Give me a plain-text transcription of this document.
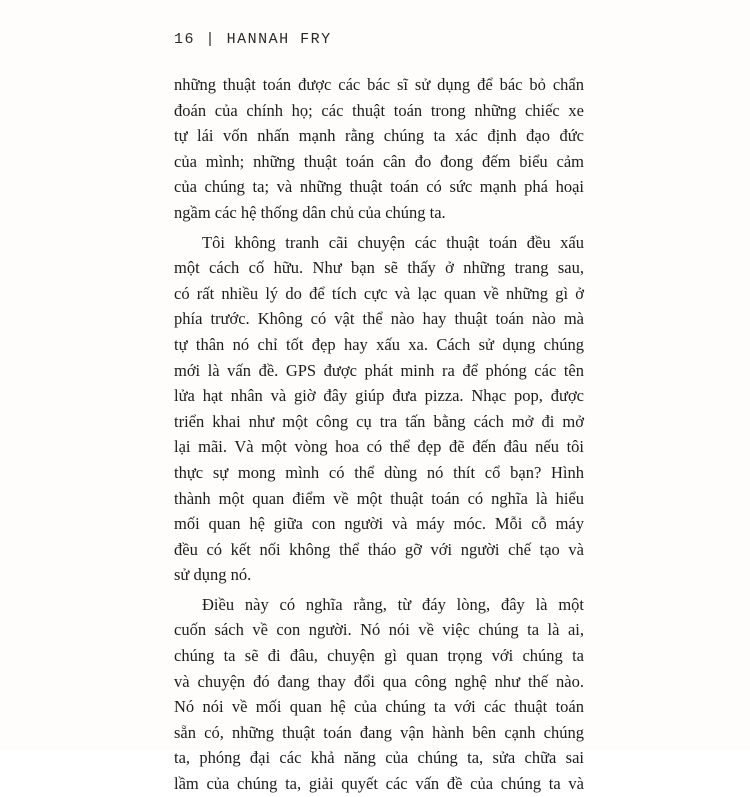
16 | HANNAH FRY
những thuật toán được các bác sĩ sử dụng để bác bỏ chẩn
đoán của chính họ; các thuật toán trong những chiếc xe
tự lái vốn nhấn mạnh rằng chúng ta xác định đạo đức
của mình; những thuật toán cân đo đong đếm biểu cảm
của chúng ta; và những thuật toán có sức mạnh phá hoại
ngầm các hệ thống dân chủ của chúng ta.
Tôi không tranh cãi chuyện các thuật toán đều xấu
một cách cố hữu. Như bạn sẽ thấy ở những trang sau,
có rất nhiều lý do để tích cực và lạc quan về những gì ở
phía trước. Không có vật thể nào hay thuật toán nào mà
tự thân nó chỉ tốt đẹp hay xấu xa. Cách sử dụng chúng
mới là vấn đề. GPS được phát minh ra để phóng các tên
lửa hạt nhân và giờ đây giúp đưa pizza. Nhạc pop, được
triển khai như một công cụ tra tấn bằng cách mở đi mở
lại mãi. Và một vòng hoa có thể đẹp đẽ đến đâu nếu tôi
thực sự mong mình có thể dùng nó thít cổ bạn? Hình
thành một quan điểm về một thuật toán có nghĩa là hiểu
mối quan hệ giữa con người và máy móc. Mỗi cỗ máy
đều có kết nối không thể tháo gỡ với người chế tạo và
sử dụng nó.
Điều này có nghĩa rằng, từ đáy lòng, đây là một
cuốn sách về con người. Nó nói về việc chúng ta là ai,
chúng ta sẽ đi đâu, chuyện gì quan trọng với chúng ta
và chuyện đó đang thay đổi qua công nghệ như thế nào.
Nó nói về mối quan hệ của chúng ta với các thuật toán
sẵn có, những thuật toán đang vận hành bên cạnh chúng
ta, phóng đại các khả năng của chúng ta, sửa chữa sai
lầm của chúng ta, giải quyết các vấn đề của chúng ta và
